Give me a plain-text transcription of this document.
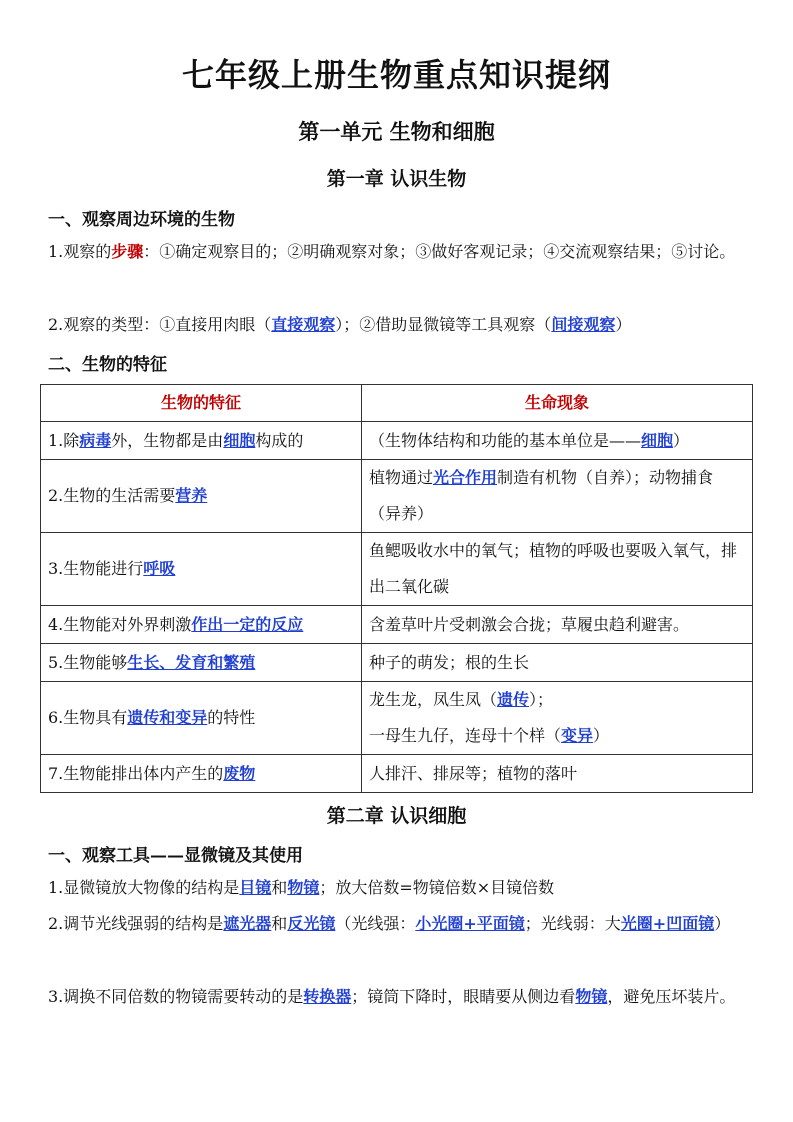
七年级上册生物重点知识提纲
第一单元 生物和细胞
第一章 认识生物
一、观察周边环境的生物
1.观察的步骤：①确定观察目的；②明确观察对象；③做好客观记录；④交流观察结果；⑤讨论。
2.观察的类型：①直接用肉眼（直接观察）；②借助显微镜等工具观察（间接观察）
二、生物的特征
生物的特征	生命现象
1.除病毒外，生物都是由细胞构成的	（生物体结构和功能的基本单位是——细胞）
2.生物的生活需要营养	植物通过光合作用制造有机物（自养）；动物捕食（异养）
3.生物能进行呼吸	鱼鳃吸收水中的氧气；植物的呼吸也要吸入氧气，排出二氧化碳
4.生物能对外界刺激作出一定的反应	含羞草叶片受刺激会合拢；草履虫趋利避害。
5.生物能够生长、发育和繁殖	种子的萌发；根的生长
6.生物具有遗传和变异的特性	龙生龙，凤生凤（遗传）；
一母生九仔，连母十个样（变异）
7.生物能排出体内产生的废物	人排汗、排尿等；植物的落叶
第二章 认识细胞
一、观察工具——显微镜及其使用
1.显微镜放大物像的结构是目镜和物镜；放大倍数=物镜倍数×目镜倍数
2.调节光线强弱的结构是遮光器和反光镜（光线强：小光圈+平面镜；光线弱：大光圈+凹面镜）
3.调换不同倍数的物镜需要转动的是转换器；镜筒下降时，眼睛要从侧边看物镜，避免压坏装片。
